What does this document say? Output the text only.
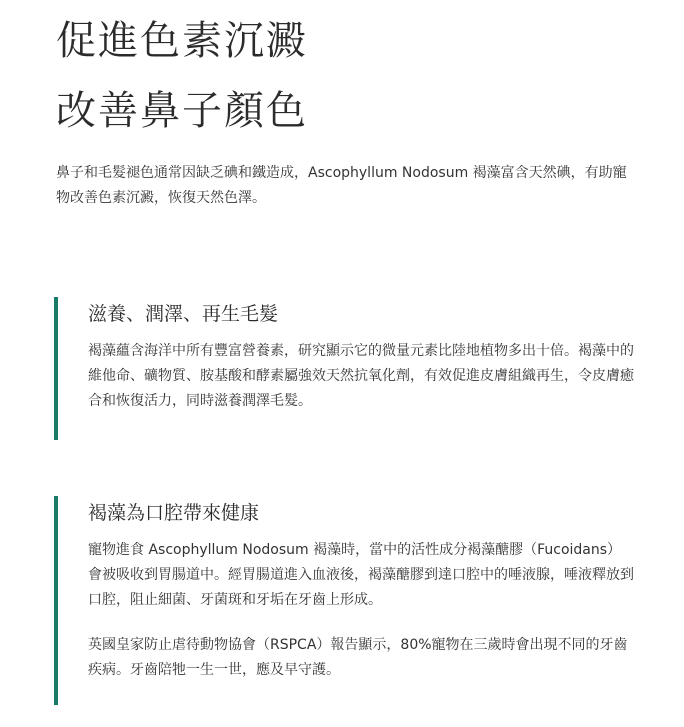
促進色素沉澱
改善鼻子顏色

鼻子和毛髮褪色通常因缺乏碘和鐵造成，Ascophyllum Nodosum 褐藻富含天然碘，有助寵物改善色素沉澱，恢復天然色澤。

滋養、潤澤、再生毛髮

褐藻蘊含海洋中所有豐富營養素，研究顯示它的微量元素比陸地植物多出十倍。褐藻中的維他命、礦物質、胺基酸和酵素屬強效天然抗氧化劑，有效促進皮膚組織再生，令皮膚癒合和恢復活力，同時滋養潤澤毛髮。

褐藻為口腔帶來健康

寵物進食 Ascophyllum Nodosum 褐藻時，當中的活性成分褐藻醣膠（Fucoidans）會被吸收到胃腸道中。經胃腸道進入血液後，褐藻醣膠到達口腔中的唾液腺，唾液釋放到口腔，阻止細菌、牙菌斑和牙垢在牙齒上形成。

英國皇家防止虐待動物協會（RSPCA）報告顯示，80%寵物在三歲時會出現不同的牙齒疾病。牙齒陪牠一生一世，應及早守護。
